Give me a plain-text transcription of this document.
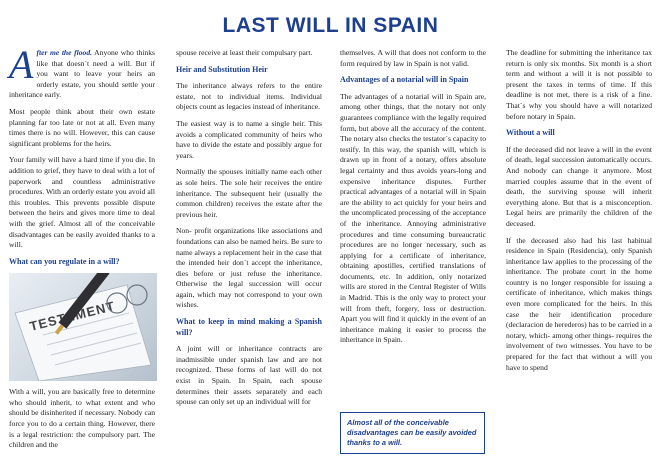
LAST WILL IN SPAIN

After me the flood. Anyone who thinks like that doesn´t need a will. But if you want to leave your heirs an orderly estate, you should settle your inheritance early.

Most people think about their own estate planning far too late or not at all. Even many times there is no will. However, this can cause significant problems for the heirs.

Your family will have a hard time if you die. In addition to grief, they have to deal with a lot of paperwork and countless administrative procedures. With an orderly estate you avoid all this troubles. This prevents possible dispute between the heirs and gives more time to deal with the grief. Almost all of the conceivable disadvantages can be easily avoided thanks to a will.

What can you regulate in a will?

With a will, you are basically free to determine who should inherit, to what extent and who should be disinherited if necessary. Nobody can force you to do a certain thing. However, there is a legal restriction: the compulsory part. The children and the

spouse receive at least their compulsary part.

Heir and Substitution Heir

The inheritance always refers to the entire estate, not to individual items. Individual objects count as legacies instead of inheritance.

The easiest way is to name a single heir. This avoids a complicated community of heirs who have to divide the estate and possibly argue for years.

Normally the spouses initially name each other as sole heirs. The sole heir receives the entire inheritance. The subsequent heir (usually the common children) receives the estate after the previous heir.

Non- profit organizations like associations and foundations can also be named heirs. Be sure to name always a replacement heir in the case that the intended heir don´t accept the inheritance, dies before or just refuse the inheritance. Otherwise the legal succession will occur again, which may not correspond to your own wishes.

What to keep in mind making a Spanish will?

A joint will or inheritance contracts are inadmissible under spanish law and are not recognized. These forms of last will do not exist in Spain. In Spain, each spouse determines their assets separately and each spouse can only set up an individual will for

themselves. A will that does not conform to the form required by law in Spain is not valid.

Advantages of a notarial will in Spain

The advantages of a notarial will in Spain are, among other things, that the notary not only guarantees compliance with the legally required form, but above all the accuracy of the content. The notary also checks the testator´s capacity to testify. In this way, the spanish will, which is drawn up in front of a notary, offers absolute legal certainty and thus avoids years-long and expensive inheritance disputes. Further practical advantages of a notarial will in Spain are the ability to act quickly for your heirs and the uncomplicated processing of the acceptance of the inheritance. Annoying administrative procedures and time consuming bureaucratic procedures are no longer necessary, such as applying for a certificate of inheritance, obtaining apostilles, certified translations of documents, etc. In addition, only notarized wills are stored in the Central Register of Wills in Madrid. This is the only way to protect your will from theft, forgery, loss or destruction. Apart you will find it quickly in the event of an inheritance making it easier to process the inheritance in Spain.

Almost all of the conceivable disadvantages can be easily avoided thanks to a will.

The deadline for submitting the inheritance tax return is only six months. Six month is a short term and without a will it is not possible to present the taxes in terms of time. If this deadline is not met, there is a risk of a fine. That´s why you should have a will notarized before notary in Spain.

Without a will

If the deceased did not leave a will in the event of death, legal succession automatically occurs. And nobody can change it anymore. Most married couples assume that in the event of death, the surviving spouse will inherit everything alone. But that is a misconception. Legal heirs are primarily the children of the deceased.

If the deceased also had his last habitual residence in Spain (Residencia), only Spanish inheritance law applies to the processing of the inheritance. The probate court in the home country is no longer responsible for issuing a certificate of inheritance, which makes things even more complicated for the heirs. In this case the heir identification procedure (declaracion de herederos) has to be carried in a notary, which- among other things- requires the involvement of two witnesses. You have to be prepared for the fact that without a will you have to spend
